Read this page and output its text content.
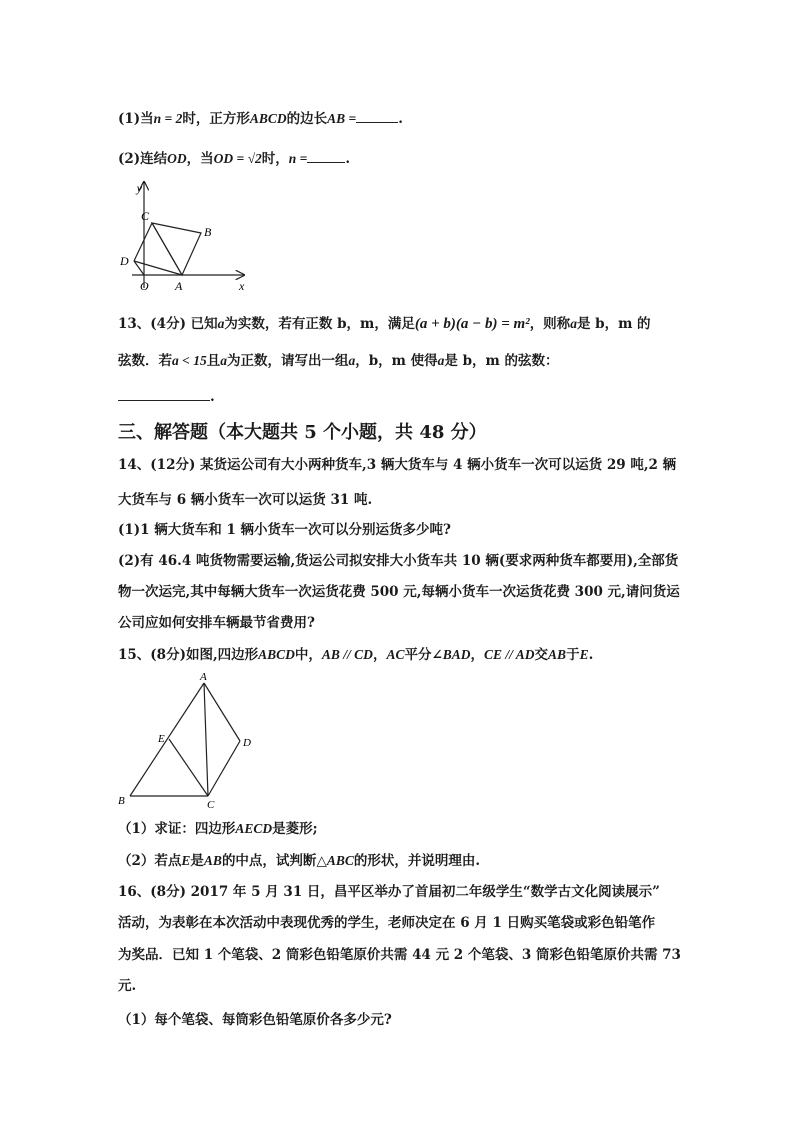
(1)当n = 2时，正方形ABCD的边长AB =	.
(2)连结OD，当OD = √2时，n =	.
y
x
C
B
D
O A
13、(4分) 已知a为实数，若有正数 b，m，满足(a + b)(a − b) = m²，则称a是 b，m 的
弦数．若a < 15且a为正数，请写出一组a，b，m 使得a是 b，m 的弦数：
.
三、解答题（本大题共 5 个小题，共 48 分）
14、(12分) 某货运公司有大小两种货车,3 辆大货车与 4 辆小货车一次可以运货 29 吨,2 辆
大货车与 6 辆小货车一次可以运货 31 吨.
(1)1 辆大货车和 1 辆小货车一次可以分别运货多少吨?
(2)有 46.4 吨货物需要运输,货运公司拟安排大小货车共 10 辆(要求两种货车都要用),全部货
物一次运完,其中每辆大货车一次运货花费 500 元,每辆小货车一次运货花费 300 元,请问货运
公司应如何安排车辆最节省费用?
15、(8分)如图,四边形ABCD中，AB // CD，AC平分∠BAD，CE // AD交AB于E.
A
E	D
B	C
（1）求证：四边形AECD是菱形;
（2）若点E是AB的中点，试判断△ABC的形状，并说明理由.
16、(8分) 2017 年 5 月 31 日，昌平区举办了首届初二年级学生“数学古文化阅读展示”
活动，为表彰在本次活动中表现优秀的学生，老师决定在 6 月 1 日购买笔袋或彩色铅笔作
为奖品．已知 1 个笔袋、2 筒彩色铅笔原价共需 44 元 2 个笔袋、3 筒彩色铅笔原价共需 73
元.
（1）每个笔袋、每筒彩色铅笔原价各多少元?
